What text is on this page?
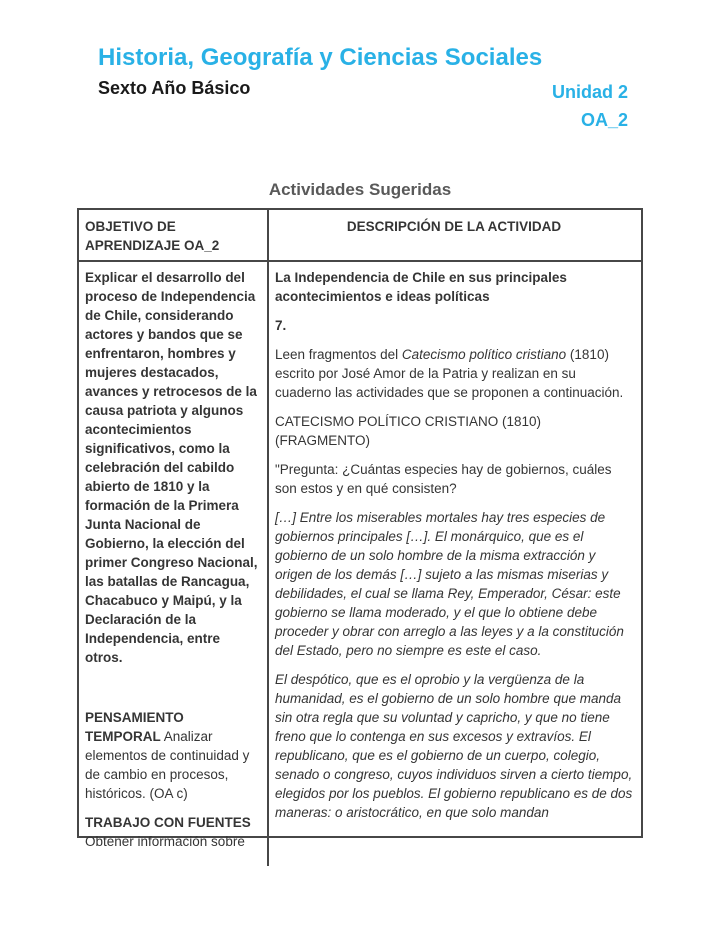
Historia, Geografía y Ciencias Sociales
Sexto Año Básico	Unidad 2
OA_2
Actividades Sugeridas
OBJETIVO DE APRENDIZAJE OA_2
DESCRIPCIÓN DE LA ACTIVIDAD

Explicar el desarrollo del proceso de Independencia de Chile, considerando actores y bandos que se enfrentaron, hombres y mujeres destacados, avances y retrocesos de la causa patriota y algunos acontecimientos significativos, como la celebración del cabildo abierto de 1810 y la formación de la Primera Junta Nacional de Gobierno, la elección del primer Congreso Nacional, las batallas de Rancagua, Chacabuco y Maipú, y la Declaración de la Independencia, entre otros.

PENSAMIENTO TEMPORAL Analizar elementos de continuidad y de cambio en procesos, históricos. (OA c)

TRABAJO CON FUENTES Obtener información sobre

La Independencia de Chile en sus principales acontecimientos e ideas políticas

7.

Leen fragmentos del Catecismo político cristiano (1810) escrito por José Amor de la Patria y realizan en su cuaderno las actividades que se proponen a continuación.

CATECISMO POLÍTICO CRISTIANO (1810)
(FRAGMENTO)

"Pregunta: ¿Cuántas especies hay de gobiernos, cuáles son estos y en qué consisten?

[…] Entre los miserables mortales hay tres especies de gobiernos principales […]. El monárquico, que es el gobierno de un solo hombre de la misma extracción y origen de los demás […] sujeto a las mismas miserias y debilidades, el cual se llama Rey, Emperador, César: este gobierno se llama moderado, y el que lo obtiene debe proceder y obrar con arreglo a las leyes y a la constitución del Estado, pero no siempre es este el caso.

El despótico, que es el oprobio y la vergüenza de la humanidad, es el gobierno de un solo hombre que manda sin otra regla que su voluntad y capricho, y que no tiene freno que lo contenga en sus excesos y extravíos. El republicano, que es el gobierno de un cuerpo, colegio, senado o congreso, cuyos individuos sirven a cierto tiempo, elegidos por los pueblos. El gobierno republicano es de dos maneras: o aristocrático, en que solo mandan
